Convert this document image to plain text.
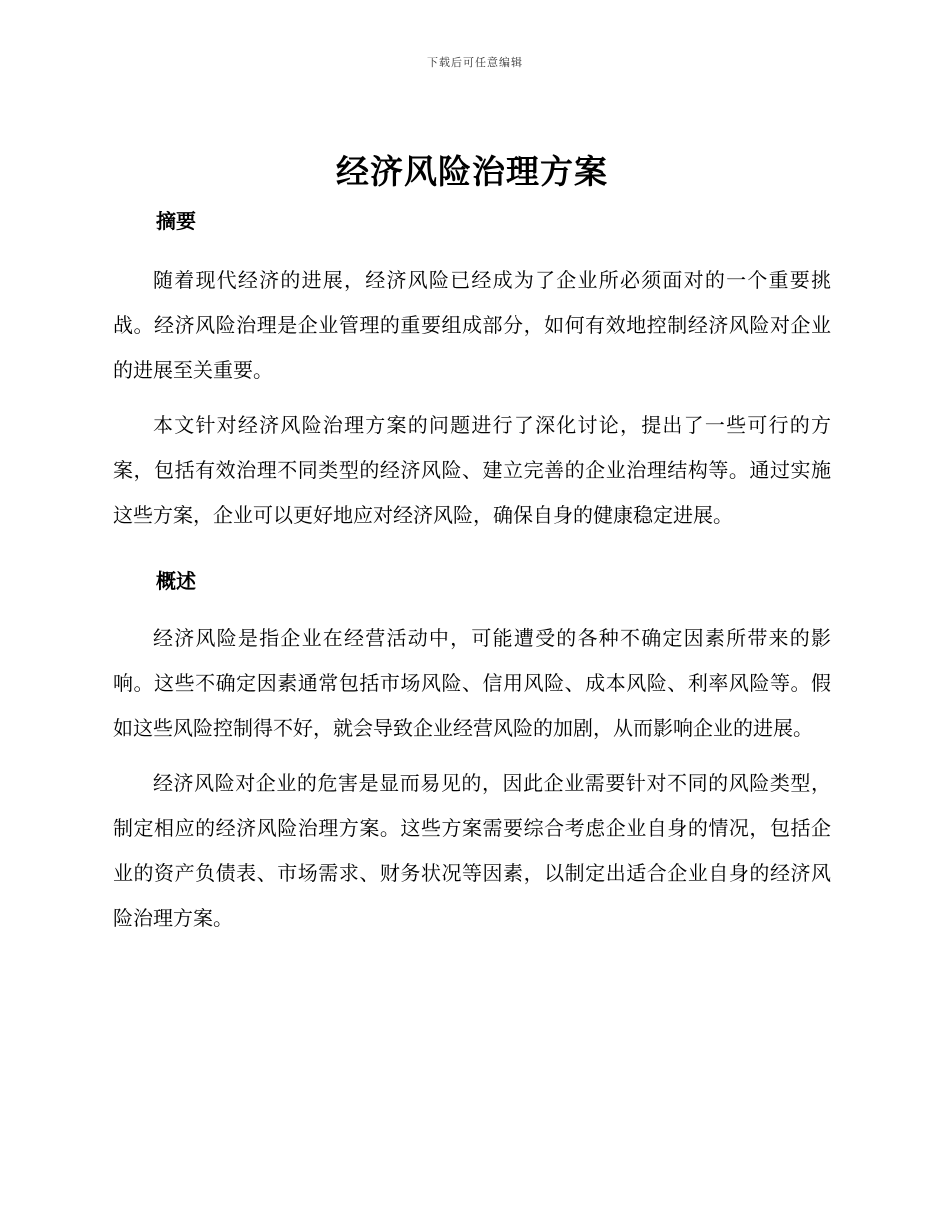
下载后可任意编辑
经济风险治理方案
摘要

随着现代经济的进展，经济风险已经成为了企业所必须面对的一个重要挑战。经济风险治理是企业管理的重要组成部分，如何有效地控制经济风险对企业的进展至关重要。

本文针对经济风险治理方案的问题进行了深化讨论，提出了一些可行的方案，包括有效治理不同类型的经济风险、建立完善的企业治理结构等。通过实施这些方案，企业可以更好地应对经济风险，确保自身的健康稳定进展。

概述

经济风险是指企业在经营活动中，可能遭受的各种不确定因素所带来的影响。这些不确定因素通常包括市场风险、信用风险、成本风险、利率风险等。假如这些风险控制得不好，就会导致企业经营风险的加剧，从而影响企业的进展。

经济风险对企业的危害是显而易见的，因此企业需要针对不同的风险类型，制定相应的经济风险治理方案。这些方案需要综合考虑企业自身的情况，包括企业的资产负债表、市场需求、财务状况等因素，以制定出适合企业自身的经济风险治理方案。
